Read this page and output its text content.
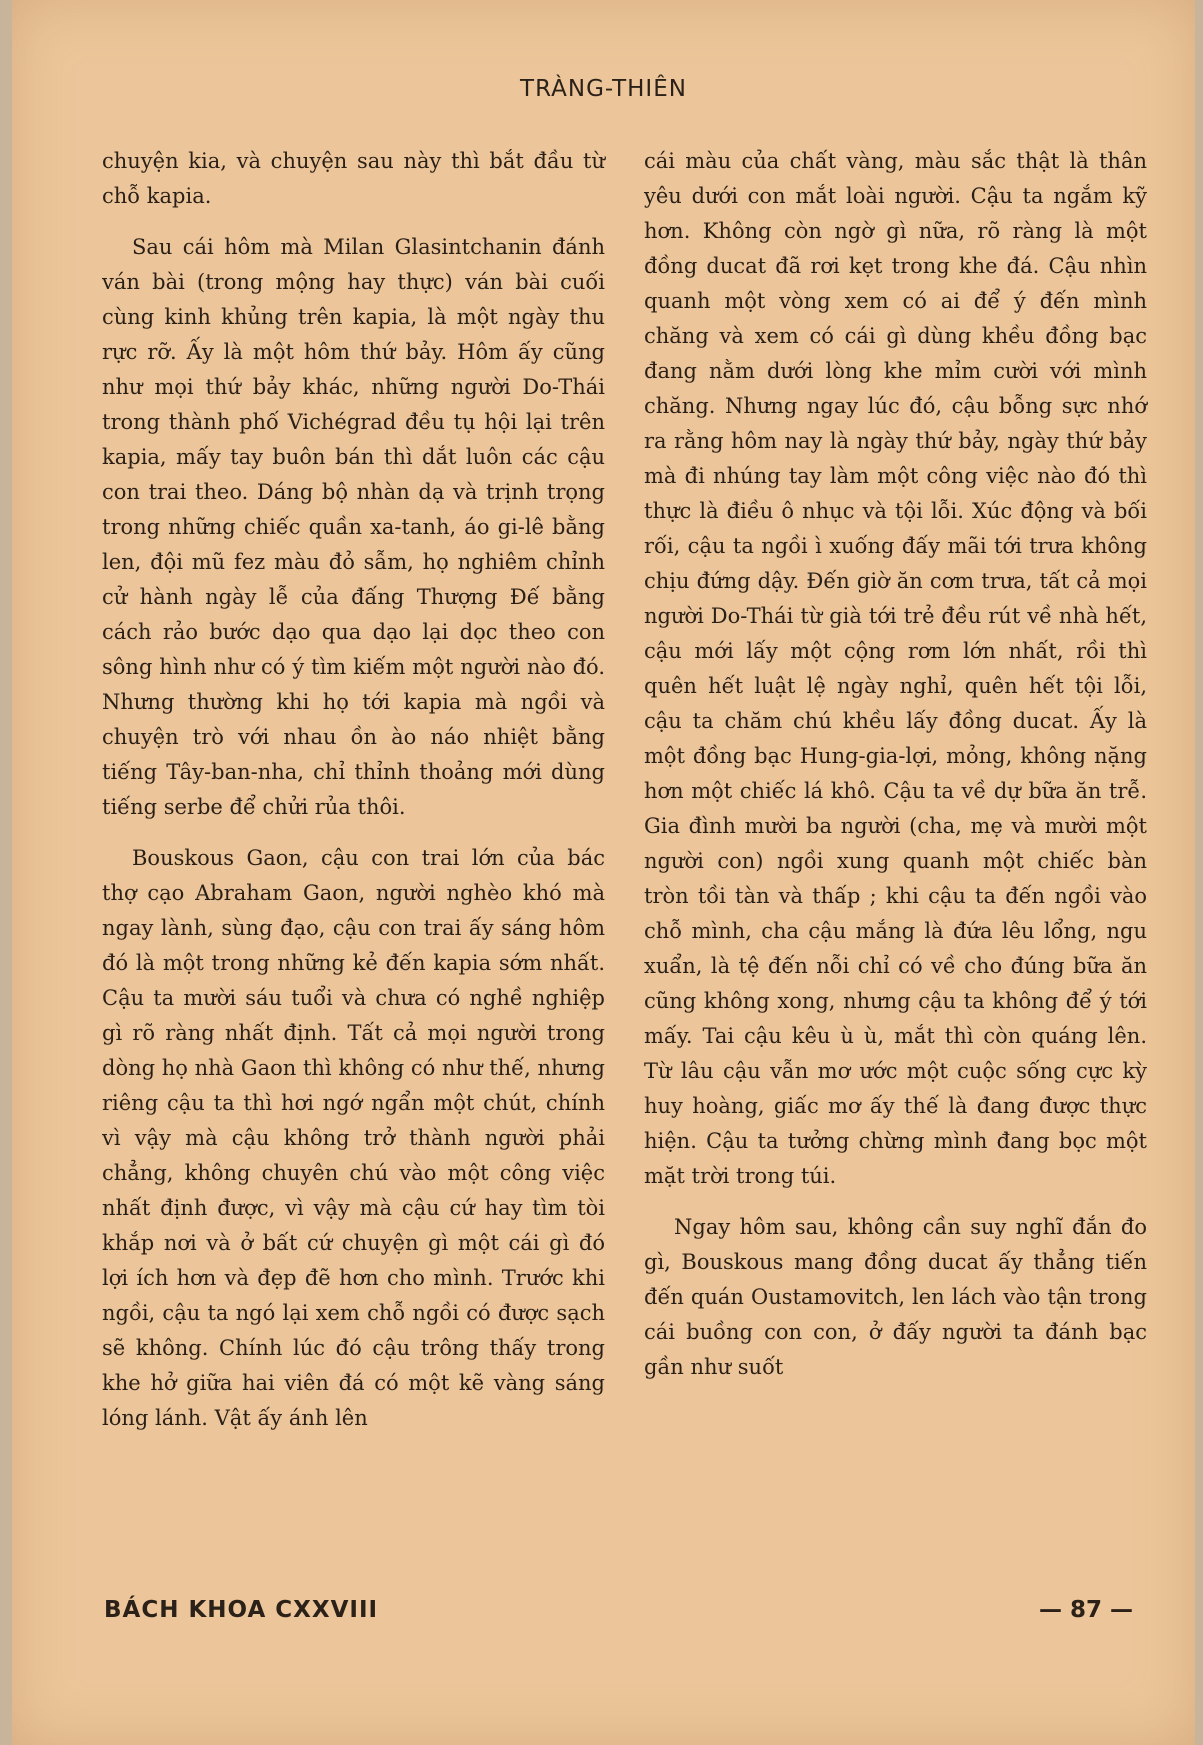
TRÀNG-THIÊN

chuyện kia, và chuyện sau này thì bắt đầu từ chỗ kapia.

Sau cái hôm mà Milan Glasintchanin đánh ván bài (trong mộng hay thực) ván bài cuối cùng kinh khủng trên kapia, là một ngày thu rực rỡ. Ấy là một hôm thứ bảy. Hôm ấy cũng như mọi thứ bảy khác, những người Do-Thái trong thành phố Vichégrad đều tụ hội lại trên kapia, mấy tay buôn bán thì dắt luôn các cậu con trai theo. Dáng bộ nhàn dạ và trịnh trọng trong những chiếc quần xa-tanh, áo gi-lê bằng len, đội mũ fez màu đỏ sẫm, họ nghiêm chỉnh cử hành ngày lễ của đấng Thượng Đế bằng cách rảo bước dạo qua dạo lại dọc theo con sông hình như có ý tìm kiếm một người nào đó. Nhưng thường khi họ tới kapia mà ngồi và chuyện trò với nhau ồn ào náo nhiệt bằng tiếng Tây-ban-nha, chỉ thỉnh thoảng mới dùng tiếng serbe để chửi rủa thôi.

Bouskous Gaon, cậu con trai lớn của bác thợ cạo Abraham Gaon, người nghèo khó mà ngay lành, sùng đạo, cậu con trai ấy sáng hôm đó là một trong những kẻ đến kapia sớm nhất. Cậu ta mười sáu tuổi và chưa có nghề nghiệp gì rõ ràng nhất định. Tất cả mọi người trong dòng họ nhà Gaon thì không có như thế, nhưng riêng cậu ta thì hơi ngớ ngẩn một chút, chính vì vậy mà cậu không trở thành người phải chẳng, không chuyên chú vào một công việc nhất định được, vì vậy mà cậu cứ hay tìm tòi khắp nơi và ở bất cứ chuyện gì một cái gì đó lợi ích hơn và đẹp đẽ hơn cho mình. Trước khi ngồi, cậu ta ngó lại xem chỗ ngồi có được sạch sẽ không. Chính lúc đó cậu trông thấy trong khe hở giữa hai viên đá có một kẽ vàng sáng lóng lánh. Vật ấy ánh lên

cái màu của chất vàng, màu sắc thật là thân yêu dưới con mắt loài người. Cậu ta ngắm kỹ hơn. Không còn ngờ gì nữa, rõ ràng là một đồng ducat đã rơi kẹt trong khe đá. Cậu nhìn quanh một vòng xem có ai để ý đến mình chăng và xem có cái gì dùng khều đồng bạc đang nằm dưới lòng khe mỉm cười với mình chăng. Nhưng ngay lúc đó, cậu bỗng sực nhớ ra rằng hôm nay là ngày thứ bảy, ngày thứ bảy mà đi nhúng tay làm một công việc nào đó thì thực là điều ô nhục và tội lỗi. Xúc động và bối rối, cậu ta ngồi ì xuống đấy mãi tới trưa không chịu đứng dậy. Đến giờ ăn cơm trưa, tất cả mọi người Do-Thái từ già tới trẻ đều rút về nhà hết, cậu mới lấy một cộng rơm lớn nhất, rồi thì quên hết luật lệ ngày nghỉ, quên hết tội lỗi, cậu ta chăm chú khều lấy đồng ducat. Ấy là một đồng bạc Hung-gia-lợi, mỏng, không nặng hơn một chiếc lá khô. Cậu ta về dự bữa ăn trễ. Gia đình mười ba người (cha, mẹ và mười một người con) ngồi xung quanh một chiếc bàn tròn tồi tàn và thấp ; khi cậu ta đến ngồi vào chỗ mình, cha cậu mắng là đứa lêu lổng, ngu xuẩn, là tệ đến nỗi chỉ có về cho đúng bữa ăn cũng không xong, nhưng cậu ta không để ý tới mấy. Tai cậu kêu ù ù, mắt thì còn quáng lên. Từ lâu cậu vẫn mơ ước một cuộc sống cực kỳ huy hoàng, giấc mơ ấy thế là đang được thực hiện. Cậu ta tưởng chừng mình đang bọc một mặt trời trong túi.

Ngay hôm sau, không cần suy nghĩ đắn đo gì, Bouskous mang đồng ducat ấy thẳng tiến đến quán Oustamovitch, len lách vào tận trong cái buồng con con, ở đấy người ta đánh bạc gần như suốt

BÁCH KHOA CXXVIII	— 87 —
